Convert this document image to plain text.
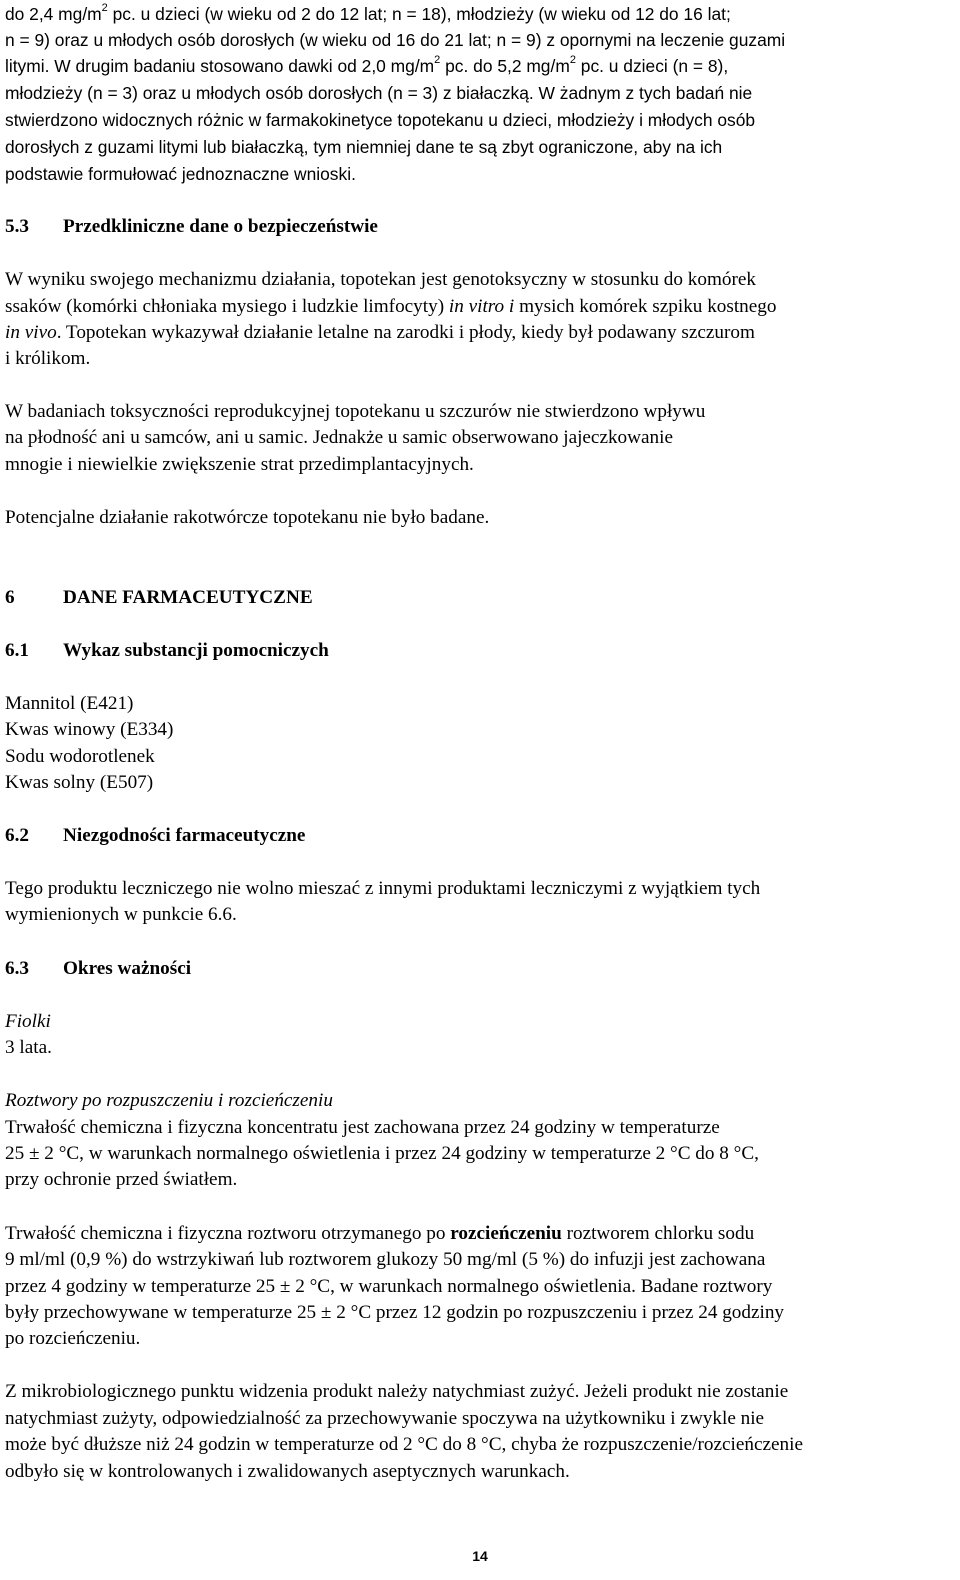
do 2,4 $mg/m^2$ pc. u dzieci (w wieku od 2 do 12 lat; n = 18), młodzieży (w wieku od 12 do 16 lat;
n = 9) oraz u młodych osób dorosłych (w wieku od 16 do 21 lat; n = 9) z opornymi na leczenie guzami
litymi. W drugim badaniu stosowano dawki od 2,0 $mg/m^2$ pc. do 5,2 $mg/m^2$ pc. u dzieci (n = 8),
młodzieży (n = 3) oraz u młodych osób dorosłych (n = 3) z białaczką. W żadnym z tych badań nie
stwierdzono widocznych różnic w farmakokinetyce topotekanu u dzieci, młodzieży i młodych osób
dorosłych z guzami litymi lub białaczką, tym niemniej dane te są zbyt ograniczone, aby na ich
podstawie formułować jednoznaczne wnioski.
5.3 Przedkliniczne dane o bezpieczeństwie
W wyniku swojego mechanizmu działania, topotekan jest genotoksyczny w stosunku do komórek
ssaków (komórki chłoniaka mysiego i ludzkie limfocyty) in vitro i mysich komórek szpiku kostnego
in vivo. Topotekan wykazywał działanie letalne na zarodki i płody, kiedy był podawany szczurom
i królikom.
W badaniach toksyczności reprodukcyjnej topotekanu u szczurów nie stwierdzono wpływu
na płodność ani u samców, ani u samic. Jednakże u samic obserwowano jajeczkowanie
mnogie i niewielkie zwiększenie strat przedimplantacyjnych.
Potencjalne działanie rakotwórcze topotekanu nie było badane.
6	DANE FARMACEUTYCZNE
6.1 Wykaz substancji pomocniczych
Mannitol (E421)
Kwas winowy (E334)
Sodu wodorotlenek
Kwas solny (E507)
6.2 Niezgodności farmaceutyczne
Tego produktu leczniczego nie wolno mieszać z innymi produktami leczniczymi z wyjątkiem tych
wymienionych w punkcie 6.6.
6.3 Okres ważności
Fiolki
3 lata.
Roztwory po rozpuszczeniu i rozcieńczeniu
Trwałość chemiczna i fizyczna koncentratu jest zachowana przez 24 godziny w temperaturze
25 ± 2 °C, w warunkach normalnego oświetlenia i przez 24 godziny w temperaturze 2 °C do 8 °C,
przy ochronie przed światłem.
Trwałość chemiczna i fizyczna roztworu otrzymanego po rozcieńczeniu roztworem chlorku sodu
9 ml/ml (0,9 %) do wstrzykiwań lub roztworem glukozy 50 mg/ml (5 %) do infuzji jest zachowana
przez 4 godziny w temperaturze 25 ± 2 °C, w warunkach normalnego oświetlenia. Badane roztwory
były przechowywane w temperaturze 25 ± 2 °C przez 12 godzin po rozpuszczeniu i przez 24 godziny
po rozcieńczeniu.
Z mikrobiologicznego punktu widzenia produkt należy natychmiast zużyć. Jeżeli produkt nie zostanie
natychmiast zużyty, odpowiedzialność za przechowywanie spoczywa na użytkowniku i zwykle nie
może być dłuższe niż 24 godzin w temperaturze od 2 °C do 8 °C, chyba że rozpuszczenie/rozcieńczenie
odbyło się w kontrolowanych i zwalidowanych aseptycznych warunkach.
14
